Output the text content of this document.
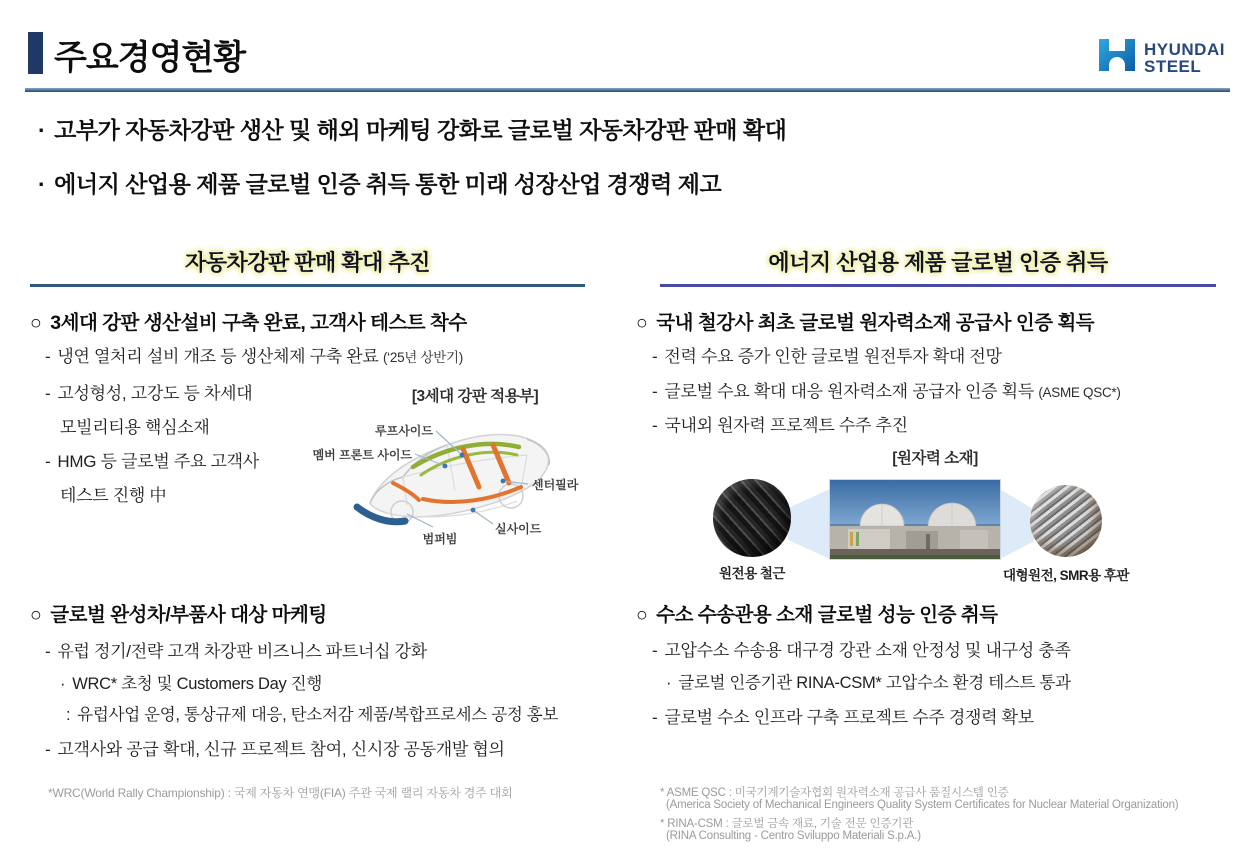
주요경영현황	HYUNDAI
STEEL
· 고부가 자동차강판 생산 및 해외 마케팅 강화로 글로벌 자동차강판 판매 확대
· 에너지 산업용 제품 글로벌 인증 취득 통한 미래 성장산업 경쟁력 제고
자동차강판 판매 확대 추진	에너지 산업용 제품 글로벌 인증 취득
○ 3세대 강판 생산설비 구축 완료, 고객사 테스트 착수
- 냉연 열처리 설비 개조 등 생산체제 구축 완료 (‘25년 상반기)
- 고성형성, 고강도 등 차세대
모빌리티용 핵심소재
- HMG 등 글로벌 주요 고객사
테스트 진행 中
[3세대 강판 적용부]
루프사이드
멤버 프론트 사이드
센터필라
실사이드
범퍼빔
○ 글로벌 완성차/부품사 대상 마케팅
- 유럽 정기/전략 고객 차강판 비즈니스 파트너십 강화
· WRC* 초청 및 Customers Day 진행
: 유럽사업 운영, 통상규제 대응, 탄소저감 제품/복합프로세스 공정 홍보
- 고객사와 공급 확대, 신규 프로젝트 참여, 신시장 공동개발 협의
*WRC(World Rally Championship) : 국제 자동차 연맹(FIA) 주관 국제 랠리 자동차 경주 대회
○ 국내 철강사 최초 글로벌 원자력소재 공급사 인증 획득
- 전력 수요 증가 인한 글로벌 원전투자 확대 전망
- 글로벌 수요 확대 대응 원자력소재 공급자 인증 획득 (ASME QSC*)
- 국내외 원자력 프로젝트 수주 추진
[원자력 소재]
원전용 철근	대형원전, SMR용 후판
○ 수소 수송관용 소재 글로벌 성능 인증 취득
- 고압수소 수송용 대구경 강관 소재 안정성 및 내구성 충족
· 글로벌 인증기관 RINA-CSM* 고압수소 환경 테스트 통과
- 글로벌 수소 인프라 구축 프로젝트 수주 경쟁력 확보
* ASME QSC : 미국기계기술자협회 원자력소재 공급사 품질시스템 인증
(America Society of Mechanical Engineers Quality System Certificates for Nuclear Material Organization)
* RINA-CSM : 글로벌 금속 재료, 기술 전문 인증기관
(RINA Consulting - Centro Sviluppo Materiali S.p.A.)
